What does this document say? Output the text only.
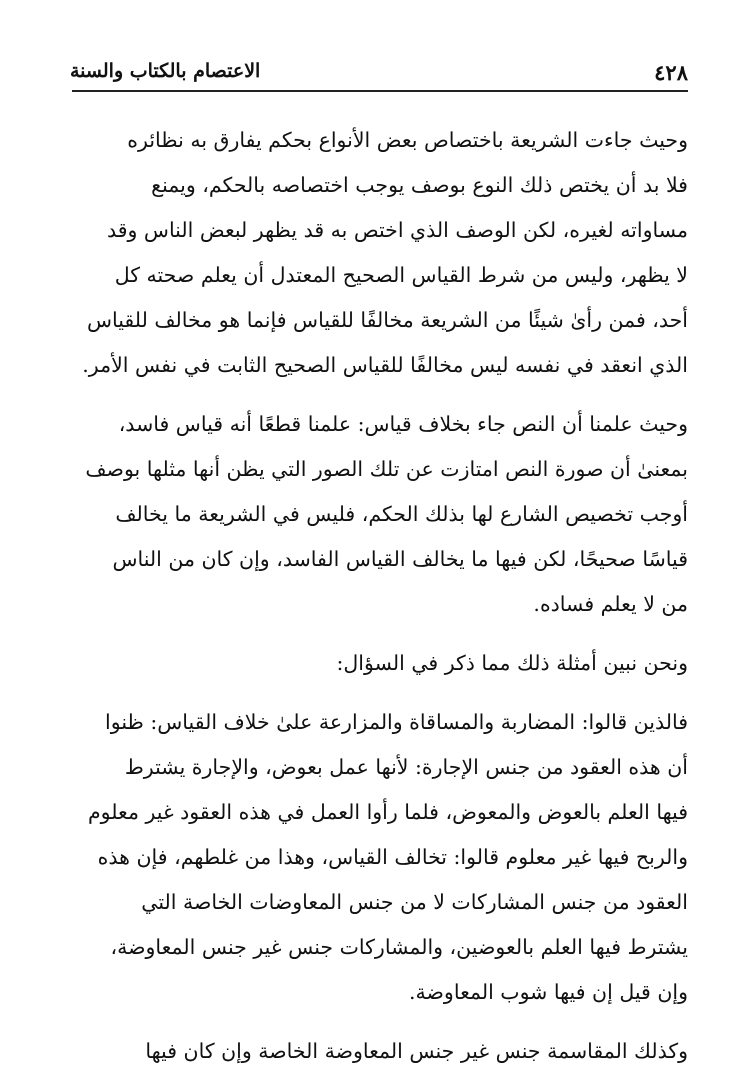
٤٢٨
الاعتصام بالكتاب والسنة
وحيث جاءت الشريعة باختصاص بعض الأنواع بحكم يفارق به نظائره
فلا بد أن يختص ذلك النوع بوصف يوجب اختصاصه بالحكم، ويمنع
مساواته لغيره، لكن الوصف الذي اختص به قد يظهر لبعض الناس وقد
لا يظهر، وليس من شرط القياس الصحيح المعتدل أن يعلم صحته كل
أحد، فمن رأىٰ شيئًا من الشريعة مخالفًا للقياس فإنما هو مخالف للقياس
الذي انعقد في نفسه ليس مخالفًا للقياس الصحيح الثابت في نفس الأمر.
وحيث علمنا أن النص جاء بخلاف قياس: علمنا قطعًا أنه قياس فاسد،
بمعنىٰ أن صورة النص امتازت عن تلك الصور التي يظن أنها مثلها بوصف
أوجب تخصيص الشارع لها بذلك الحكم، فليس في الشريعة ما يخالف
قياسًا صحيحًا، لكن فيها ما يخالف القياس الفاسد، وإن كان من الناس
من لا يعلم فساده.
ونحن نبين أمثلة ذلك مما ذكر في السؤال:
فالذين قالوا: المضاربة والمساقاة والمزارعة علىٰ خلاف القياس: ظنوا
أن هذه العقود من جنس الإجارة: لأنها عمل بعوض، والإجارة يشترط
فيها العلم بالعوض والمعوض، فلما رأوا العمل في هذه العقود غير معلوم
والربح فيها غير معلوم قالوا: تخالف القياس، وهذا من غلطهم، فإن هذه
العقود من جنس المشاركات لا من جنس المعاوضات الخاصة التي
يشترط فيها العلم بالعوضين، والمشاركات جنس غير جنس المعاوضة،
وإن قيل إن فيها شوب المعاوضة.
وكذلك المقاسمة جنس غير جنس المعاوضة الخاصة وإن كان فيها
